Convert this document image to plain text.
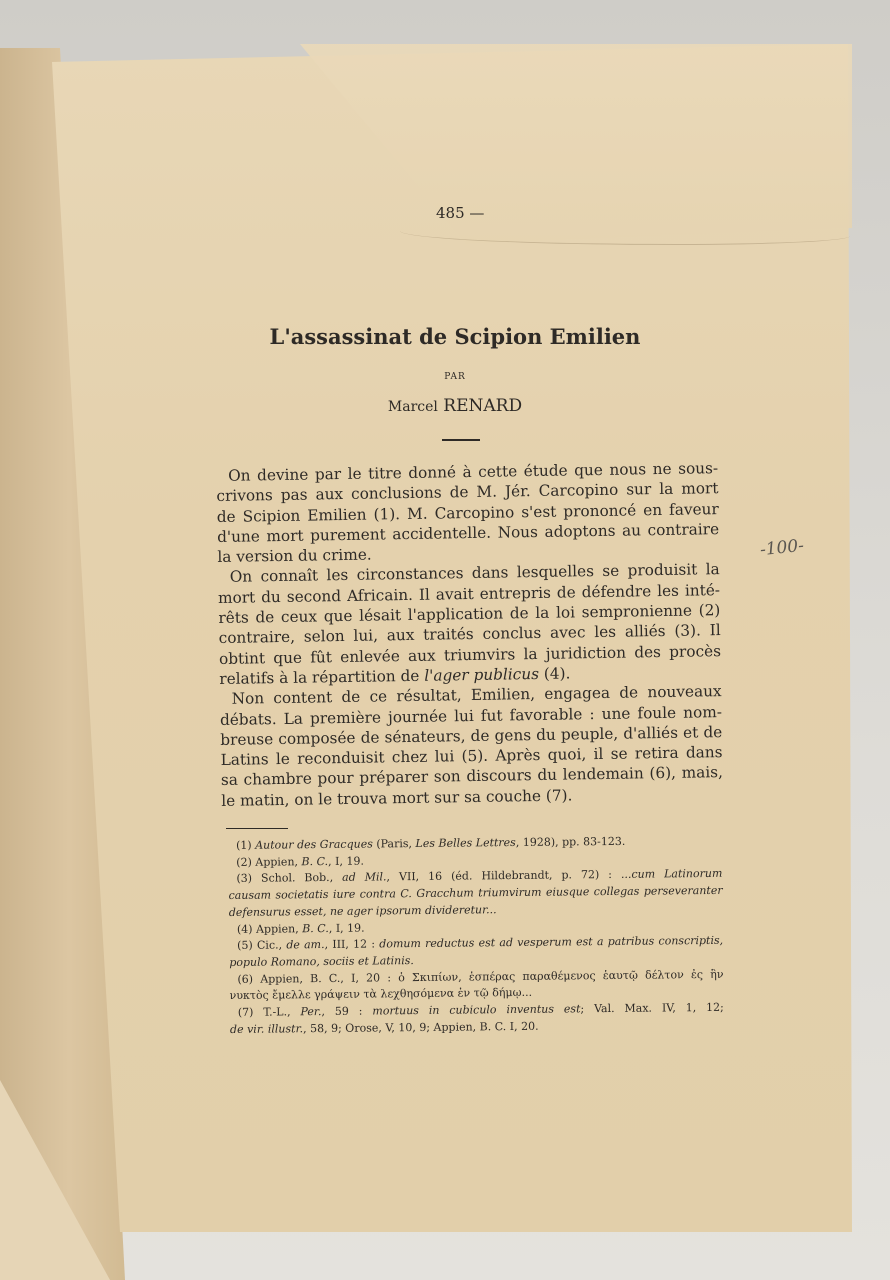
485 —
L'assassinat de Scipion Emilien
PAR
Marcel RENARD
-100-

On devine par le titre donné à cette étude que nous ne sous-
crivons pas aux conclusions de M. Jér. Carcopino sur la mort
de Scipion Emilien (1). M. Carcopino s'est prononcé en faveur
d'une mort purement accidentelle. Nous adoptons au contraire
la version du crime.

On connaît les circonstances dans lesquelles se produisit la
mort du second Africain. Il avait entrepris de défendre les inté-
rêts de ceux que lésait l'application de la loi sempronienne (2)
contraire, selon lui, aux traités conclus avec les alliés (3). Il
obtint que fût enlevée aux triumvirs la juridiction des procès
relatifs à la répartition de l'ager publicus (4).

Non content de ce résultat, Emilien, engagea de nouveaux
débats. La première journée lui fut favorable : une foule nom-
breuse composée de sénateurs, de gens du peuple, d'alliés et de
Latins le reconduisit chez lui (5). Après quoi, il se retira dans
sa chambre pour préparer son discours du lendemain (6), mais,
le matin, on le trouva mort sur sa couche (7).

(1) Autour des Gracques (Paris, Les Belles Lettres, 1928), pp. 83-123.
(2) Appien, B. C., I, 19.
(3) Schol. Bob., ad Mil., VII, 16 (éd. Hildebrandt, p. 72) : ...cum Latinorum
causam societatis iure contra C. Gracchum triumvirum eiusque collegas perseveranter
defensurus esset, ne ager ipsorum divideretur...
(4) Appien, B. C., I, 19.
(5) Cic., de am., III, 12 : domum reductus est ad vesperum est a patribus conscriptis,
populo Romano, sociis et Latinis.
(6) Appien, B. C., I, 20 : ὁ Σκιπίων, ἑσπέρας παραθέμενος ἑαυτῷ δέλτον ἐς ἣν
νυκτὸς ἔμελλε γράψειν τὰ λεχθησόμενα ἐν τῷ δήμῳ...
(7) T.-L., Per., 59 : mortuus in cubiculo inventus est; Val. Max. IV, 1, 12;
de vir. illustr., 58, 9; Orose, V, 10, 9; Appien, B. C. I, 20.
